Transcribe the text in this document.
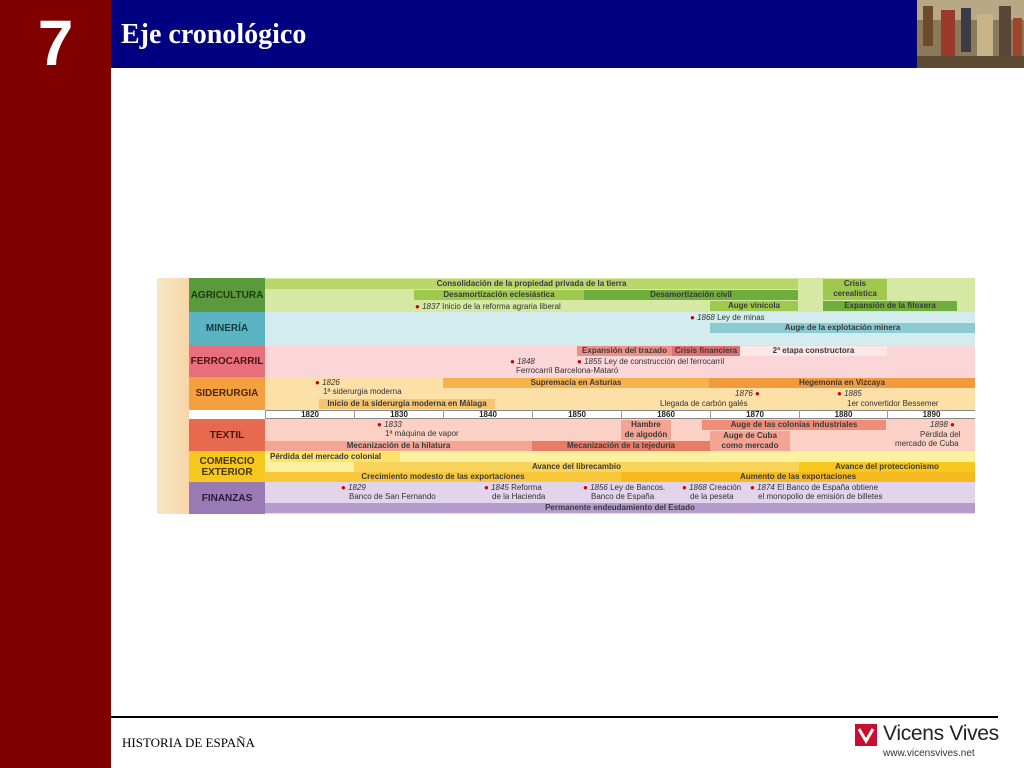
7	Eje cronológico
AGRICULTURA
Consolidación de la propiedad privada de la tierra	Crisis
cerealística
Desamortización eclesiástica	Desamortización civil
Auge vinícola	Expansión de la filoxera
● 1837 Inicio de la reforma agraria liberal
MINERÍA
● 1868 Ley de minas
Auge de la explotación minera
FERROCARRIL
Expansión del trazado Crisis financiera	2ª etapa constructora
● 1848
Ferrocarril Barcelona-Mataró
● 1855 Ley de construcción del ferrocarril
SIDERURGIA
● 1826
1ª siderurgia moderna
Supremacía en Asturias	Hegemonía en Vizcaya
Inicio de la siderurgia moderna en Málaga
1876 ●
Llegada de carbón galés
● 1885
1er convertidor Bessemer
1820	1830	1840	1850	1860	1870	1880	1890
TEXTIL
● 1833
1ª máquina de vapor
Hambre
de algodón
Auge de las colonias industriales
Auge de Cuba
como mercado
1898 ●
Pérdida del
mercado de Cuba
Mecanización de la hilatura	Mecanización de la tejeduría
COMERCIO
EXTERIOR
Pérdida del mercado colonial
Avance del librecambio	Avance del proteccionismo
Crecimiento modesto de las exportaciones	Aumento de las exportaciones
FINANZAS
● 1829
Banco de San Fernando
● 1845 Reforma
de la Hacienda
● 1856 Ley de Bancos.
Banco de España
● 1868 Creación
de la peseta
● 1874 El Banco de España obtiene
el monopolio de emisión de billetes
Permanente endeudamiento del Estado
HISTORIA DE ESPAÑA	Vicens Vives
www.vicensvives.net
